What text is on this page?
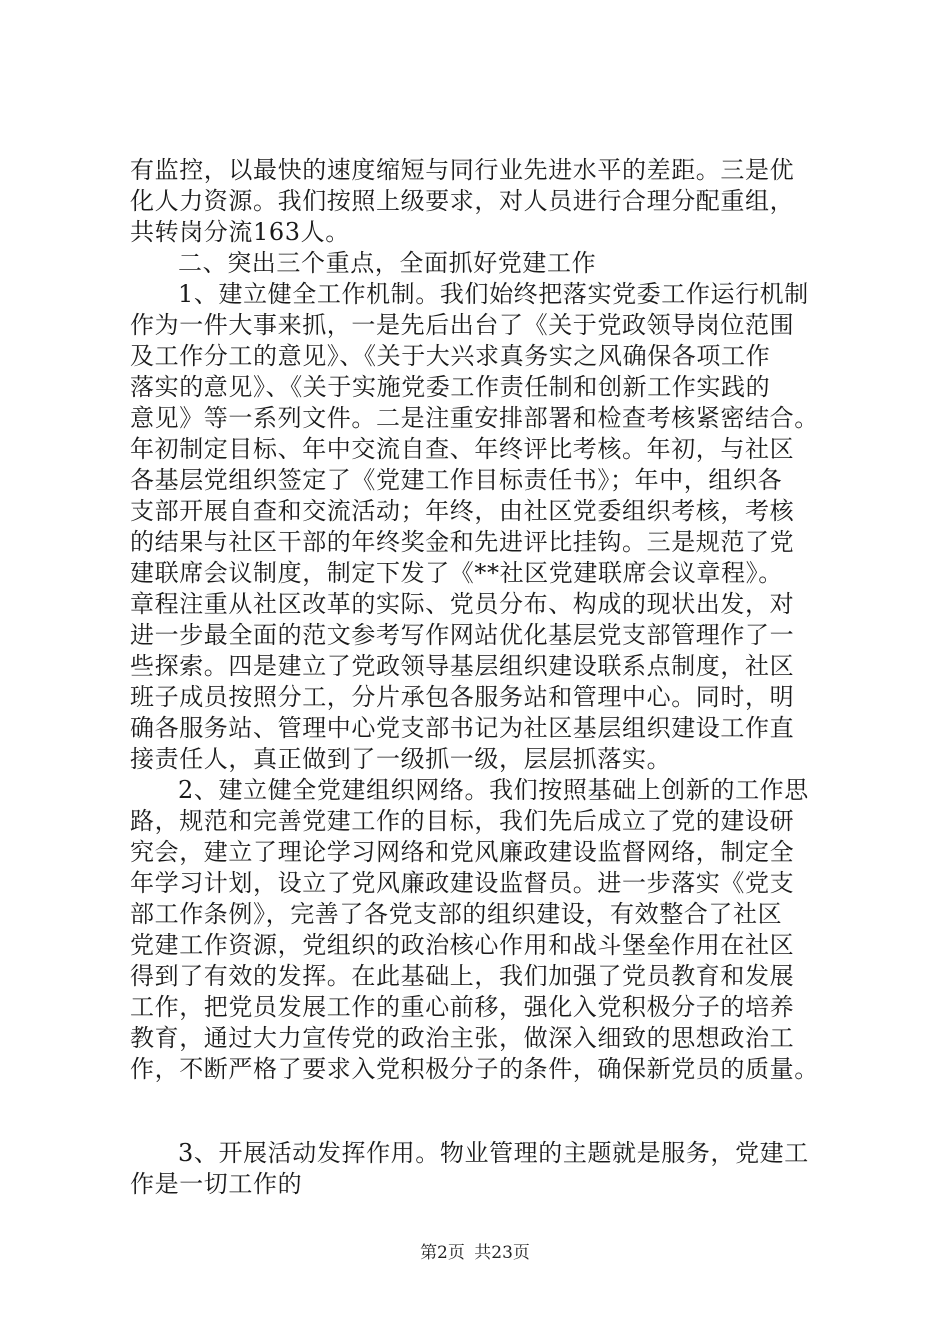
有监控，以最快的速度缩短与同行业先进水平的差距。三是优
化人力资源。我们按照上级要求，对人员进行合理分配重组，
共转岗分流163人。
二、突出三个重点，全面抓好党建工作
1、建立健全工作机制。我们始终把落实党委工作运行机制
作为一件大事来抓，一是先后出台了《关于党政领导岗位范围
及工作分工的意见》、《关于大兴求真务实之风确保各项工作
落实的意见》、《关于实施党委工作责任制和创新工作实践的
意见》等一系列文件。二是注重安排部署和检查考核紧密结合。
年初制定目标、年中交流自查、年终评比考核。年初，与社区
各基层党组织签定了《党建工作目标责任书》；年中，组织各
支部开展自查和交流活动；年终，由社区党委组织考核，考核
的结果与社区干部的年终奖金和先进评比挂钩。三是规范了党
建联席会议制度，制定下发了《**社区党建联席会议章程》。
章程注重从社区改革的实际、党员分布、构成的现状出发，对
进一步最全面的范文参考写作网站优化基层党支部管理作了一
些探索。四是建立了党政领导基层组织建设联系点制度，社区
班子成员按照分工，分片承包各服务站和管理中心。同时，明
确各服务站、管理中心党支部书记为社区基层组织建设工作直
接责任人，真正做到了一级抓一级，层层抓落实。
2、建立健全党建组织网络。我们按照基础上创新的工作思
路，规范和完善党建工作的目标，我们先后成立了党的建设研
究会，建立了理论学习网络和党风廉政建设监督网络，制定全
年学习计划，设立了党风廉政建设监督员。进一步落实《党支
部工作条例》，完善了各党支部的组织建设，有效整合了社区
党建工作资源，党组织的政治核心作用和战斗堡垒作用在社区
得到了有效的发挥。在此基础上，我们加强了党员教育和发展
工作，把党员发展工作的重心前移，强化入党积极分子的培养
教育，通过大力宣传党的政治主张，做深入细致的思想政治工
作，不断严格了要求入党积极分子的条件，确保新党员的质量。
3、开展活动发挥作用。物业管理的主题就是服务，党建工
作是一切工作的
第2页 共23页
